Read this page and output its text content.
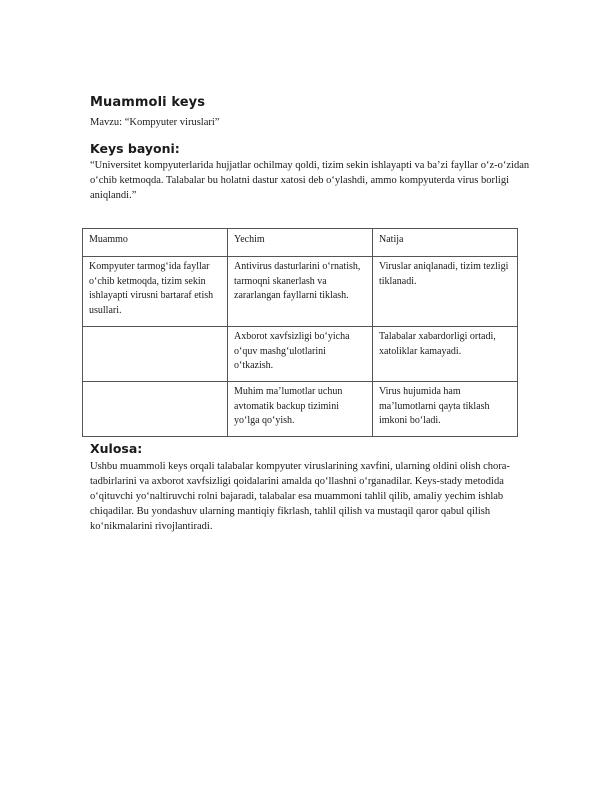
Muammoli keys

Mavzu: “Kompyuter viruslari”

Keys bayoni:

“Universitet kompyuterlarida hujjatlar ochilmay qoldi, tizim sekin ishlayapti va ba’zi fayllar o‘z-o‘zidan o‘chib ketmoqda. Talabalar bu holatni dastur xatosi deb o‘ylashdi, ammo kompyuterda virus borligi aniqlandi.”

Muammo	Yechim	Natija
Kompyuter tarmog‘ida fayllar o‘chib ketmoqda, tizim sekin ishlayapti virusni bartaraf etish usullari.	Antivirus dasturlarini o‘rnatish, tarmoqni skanerlash va zararlangan fayllarni tiklash.	Viruslar aniqlanadi, tizim tezligi tiklanadi.
	Axborot xavfsizligi bo‘yicha o‘quv mashg‘ulotlarini o‘tkazish.	Talabalar xabardorligi ortadi, xatoliklar kamayadi.
	Muhim ma’lumotlar uchun avtomatik backup tizimini yo‘lga qo‘yish.	Virus hujumida ham ma’lumotlarni qayta tiklash imkoni bo‘ladi.
Xulosa:

Ushbu muammoli keys orqali talabalar kompyuter viruslarining xavfini, ularning oldini olish chora-tadbirlarini va axborot xavfsizligi qoidalarini amalda qo‘llashni o‘rganadilar. Keys-stady metodida o‘qituvchi yo‘naltiruvchi rolni bajaradi, talabalar esa muammoni tahlil qilib, amaliy yechim ishlab chiqadilar. Bu yondashuv ularning mantiqiy fikrlash, tahlil qilish va mustaqil qaror qabul qilish ko‘nikmalarini rivojlantiradi.
